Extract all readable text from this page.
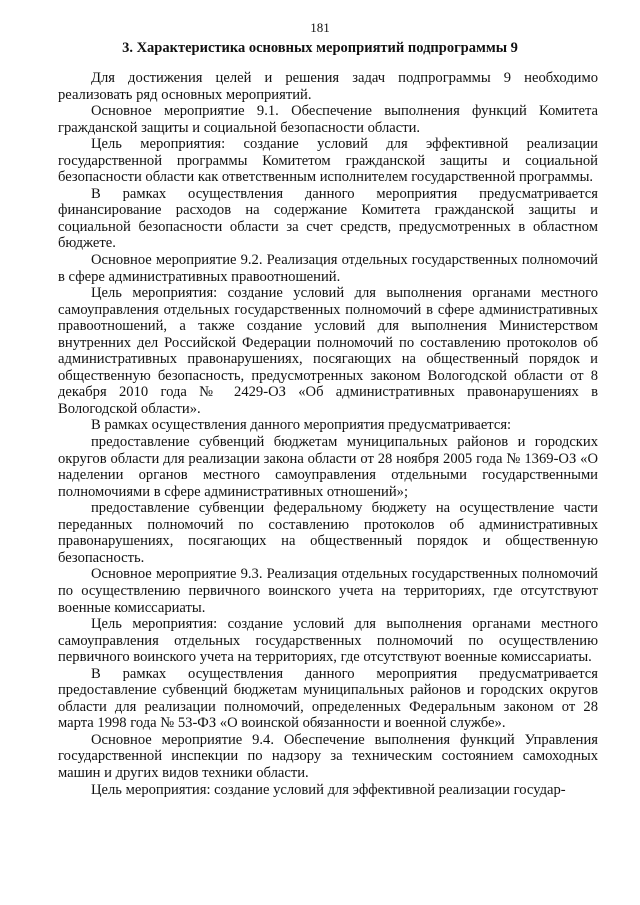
181
3. Характеристика основных мероприятий подпрограммы 9

Для достижения целей и решения задач подпрограммы 9 необходимо реализовать ряд основных мероприятий.

Основное мероприятие 9.1. Обеспечение выполнения функций Комитета гражданской защиты и социальной безопасности области.

Цель мероприятия: создание условий для эффективной реализации государственной программы Комитетом гражданской защиты и социальной безопасности области как ответственным исполнителем государственной программы.

В рамках осуществления данного мероприятия предусматривается финансирование расходов на содержание Комитета гражданской защиты и социальной безопасности области за счет средств, предусмотренных в областном бюджете.

Основное мероприятие 9.2. Реализация отдельных государственных полномочий в сфере административных правоотношений.

Цель мероприятия: создание условий для выполнения органами местного самоуправления отдельных государственных полномочий в сфере административных правоотношений, а также создание условий для выполнения Министерством внутренних дел Российской Федерации полномочий по составлению протоколов об административных правонарушениях, посягающих на общественный порядок и общественную безопасность, предусмотренных законом Вологодской области от 8 декабря 2010 года № 2429-ОЗ «Об административных правонарушениях в Вологодской области».

В рамках осуществления данного мероприятия предусматривается:

предоставление субвенций бюджетам муниципальных районов и городских округов области для реализации закона области от 28 ноября 2005 года № 1369-ОЗ «О наделении органов местного самоуправления отдельными государственными полномочиями в сфере административных отношений»;

предоставление субвенции федеральному бюджету на осуществление части переданных полномочий по составлению протоколов об административных правонарушениях, посягающих на общественный порядок и общественную безопасность.

Основное мероприятие 9.3. Реализация отдельных государственных полномочий по осуществлению первичного воинского учета на территориях, где отсутствуют военные комиссариаты.

Цель мероприятия: создание условий для выполнения органами местного самоуправления отдельных государственных полномочий по осуществлению первичного воинского учета на территориях, где отсутствуют военные комиссариаты.

В рамках осуществления данного мероприятия предусматривается предоставление субвенций бюджетам муниципальных районов и городских округов области для реализации полномочий, определенных Федеральным законом от 28 марта 1998 года № 53-ФЗ «О воинской обязанности и военной службе».

Основное мероприятие 9.4. Обеспечение выполнения функций Управления государственной инспекции по надзору за техническим состоянием самоходных машин и других видов техники области.

Цель мероприятия: создание условий для эффективной реализации государ-
